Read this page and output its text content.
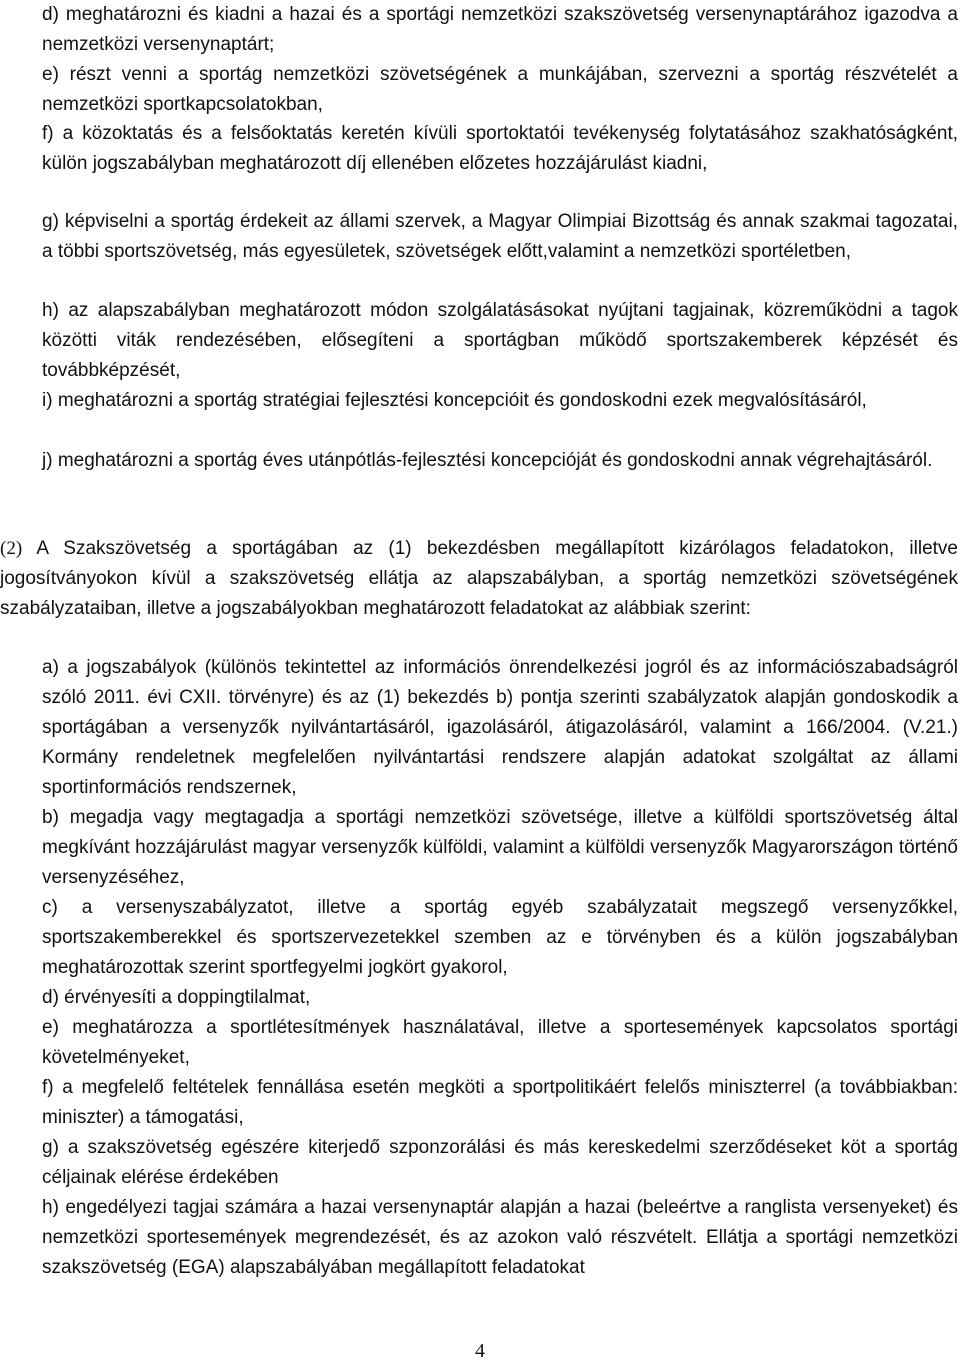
d) meghatározni és kiadni a hazai és a sportági nemzetközi szakszövetség versenynaptárához igazodva a nemzetközi versenynaptárt;

e) részt venni a sportág nemzetközi szövetségének a munkájában, szervezni a sportág részvételét a nemzetközi sportkapcsolatokban,

f) a közoktatás és a felsőoktatás keretén kívüli sportoktatói tevékenység folytatásához szakhatóságként, külön jogszabályban meghatározott díj ellenében előzetes hozzájárulást kiadni,

g) képviselni a sportág érdekeit az állami szervek, a Magyar Olimpiai Bizottság és annak szakmai tagozatai, a többi sportszövetség, más egyesületek, szövetségek előtt,valamint a nemzetközi sportéletben,

h) az alapszabályban meghatározott módon szolgálatásásokat nyújtani tagjainak, közreműködni a tagok közötti viták rendezésében, elősegíteni a sportágban működő sportszakemberek képzését és továbbképzését,

i) meghatározni a sportág stratégiai fejlesztési koncepcióit és gondoskodni ezek megvalósításáról,

j) meghatározni a sportág éves utánpótlás-fejlesztési koncepcióját és gondoskodni annak végrehajtásáról.

(2) A Szakszövetség a sportágában az (1) bekezdésben megállapított kizárólagos feladatokon, illetve jogosítványokon kívül a szakszövetség ellátja az alapszabályban, a sportág nemzetközi szövetségének szabályzataiban, illetve a jogszabályokban meghatározott feladatokat az alábbiak szerint:

a) a jogszabályok (különös tekintettel az információs önrendelkezési jogról és az információszabadságról szóló 2011. évi CXII. törvényre) és az (1) bekezdés b) pontja szerinti szabályzatok alapján gondoskodik a sportágában a versenyzők nyilvántartásáról, igazolásáról, átigazolásáról, valamint a 166/2004. (V.21.) Kormány rendeletnek megfelelően nyilvántartási rendszere alapján adatokat szolgáltat az állami sportinformációs rendszernek,

b) megadja vagy megtagadja a sportági nemzetközi szövetsége, illetve a külföldi sportszövetség által megkívánt hozzájárulást magyar versenyzők külföldi, valamint a külföldi versenyzők Magyarországon történő versenyzéséhez,

c) a versenyszabályzatot, illetve a sportág egyéb szabályzatait megszegő versenyzőkkel, sportszakemberekkel és sportszervezetekkel szemben az e törvényben és a külön jogszabályban meghatározottak szerint sportfegyelmi jogkört gyakorol,

d) érvényesíti a doppingtilalmat,

e) meghatározza a sportlétesítmények használatával, illetve a sportesemények kapcsolatos sportági követelményeket,

f) a megfelelő feltételek fennállása esetén megköti a sportpolitikáért felelős miniszterrel (a továbbiakban: miniszter) a támogatási,

g) a szakszövetség egészére kiterjedő szponzorálási és más kereskedelmi szerződéseket köt a sportág céljainak elérése érdekében

h) engedélyezi tagjai számára a hazai versenynaptár alapján a hazai (beleértve a ranglista versenyeket) és nemzetközi sportesemények megrendezését, és az azokon való részvételt. Ellátja a sportági nemzetközi szakszövetség (EGA) alapszabályában megállapított feladatokat

4
